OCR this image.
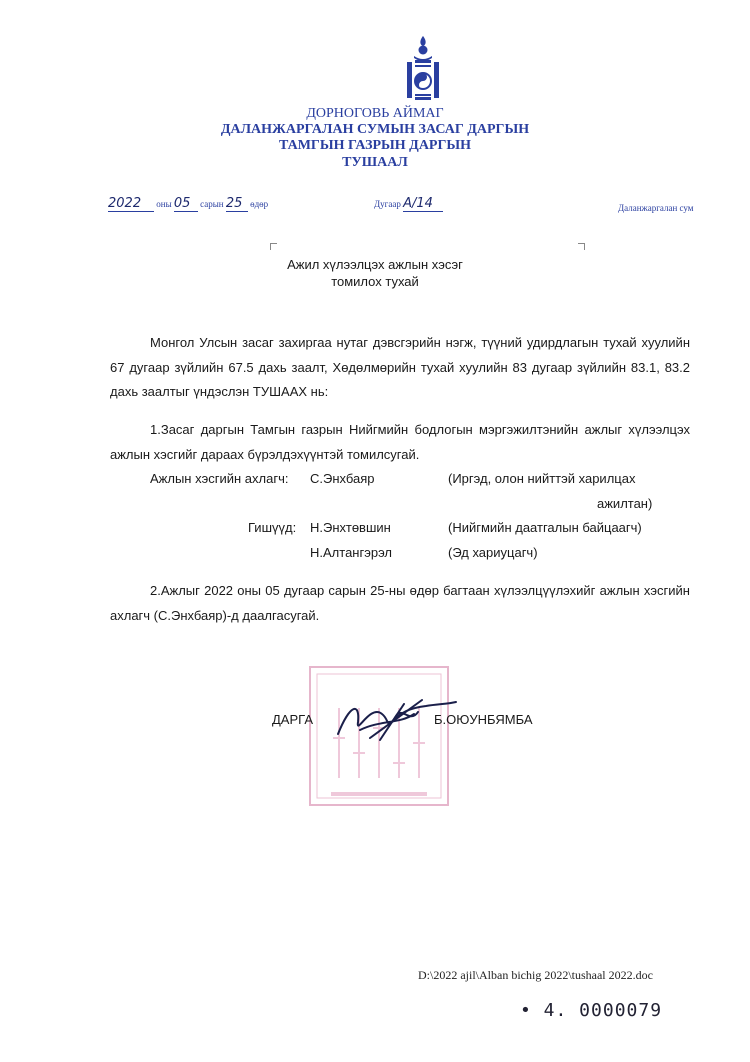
ДОРНОГОВЬ АЙМАГ
ДАЛАНЖАРГАЛАН СУМЫН ЗАСАГ ДАРГЫН
ТАМГЫН ГАЗРЫН ДАРГЫН
ТУШААЛ
2022 оны 05 сарын 25 өдөр	Дугаар А/14	Даланжаргалан сум
Ажил хүлээлцэх ажлын хэсэг
томилох тухай
Монгол Улсын засаг захиргаа нутаг дэвсгэрийн нэгж, түүний удирдлагын тухай хуулийн 67 дугаар зүйлийн 67.5 дахь заалт, Хөдөлмөрийн тухай хуулийн 83 дугаар зүйлийн 83.1, 83.2 дахь заалтыг үндэслэн ТУШААХ нь:
1.Засаг даргын Тамгын газрын Нийгмийн бодлогын мэргэжилтэнийн ажлыг хүлээлцэх ажлын хэсгийг дараах бүрэлдэхүүнтэй томилсугай.
Ажлын хэсгийн ахлагч: С.Энхбаяр	(Иргэд, олон нийттэй харилцах
ажилтан)
Гишүүд: Н.Энхтөвшин	(Нийгмийн даатгалын байцаагч)
Н.Алтангэрэл	(Эд хариуцагч)
2.Ажлыг 2022 оны 05 дугаар сарын 25-ны өдөр багтаан хүлээлцүүлэхийг ажлын хэсгийн ахлагч (С.Энхбаяр)-д даалгасугай.
ДАРГА	Б.ОЮУНБЯМБА
D:\2022 ajil\Alban bichig 2022\tushaal 2022.doc
• 4. 0000079
